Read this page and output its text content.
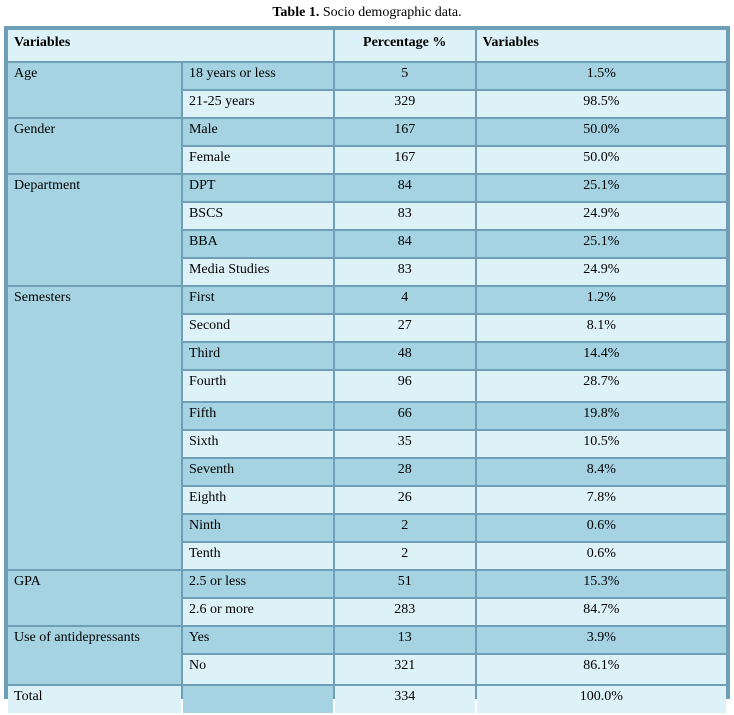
Table 1. Socio demographic data.
Variables		Percentage %	Variables
Age	18 years or less	5	1.5%
	21-25 years	329	98.5%
Gender	Male	167	50.0%
	Female	167	50.0%
Department	DPT	84	25.1%
	BSCS	83	24.9%
	BBA	84	25.1%
	Media Studies	83	24.9%
Semesters	First	4	1.2%
	Second	27	8.1%
	Third	48	14.4%
	Fourth	96	28.7%
	Fifth	66	19.8%
	Sixth	35	10.5%
	Seventh	28	8.4%
	Eighth	26	7.8%
	Ninth	2	0.6%
	Tenth	2	0.6%
GPA	2.5 or less	51	15.3%
	2.6 or more	283	84.7%
Use of antidepressants	Yes	13	3.9%
	No	321	86.1%
Total		334	100.0%
